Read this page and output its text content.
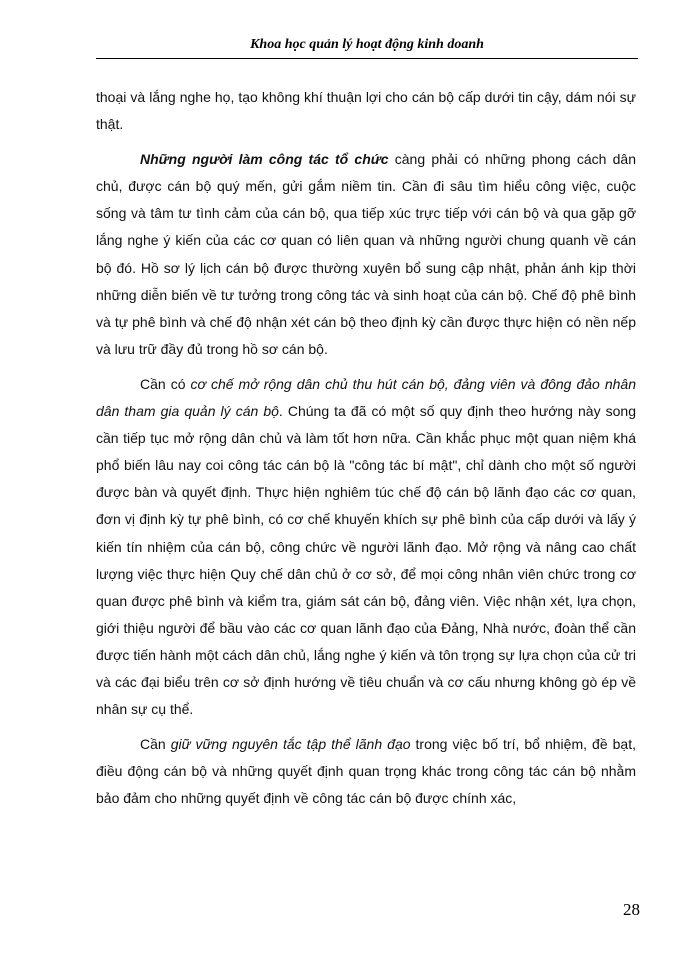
Khoa học quản lý hoạt động kinh doanh

thoại và lắng nghe họ, tạo không khí thuận lợi cho cán bộ cấp dưới tin cậy, dám nói sự thật.

Những người làm công tác tổ chức càng phải có những phong cách dân chủ, được cán bộ quý mến, gửi gắm niềm tin. Cần đi sâu tìm hiểu công việc, cuộc sống và tâm tư tình cảm của cán bộ, qua tiếp xúc trực tiếp với cán bộ và qua gặp gỡ lắng nghe ý kiến của các cơ quan có liên quan và những người chung quanh về cán bộ đó. Hồ sơ lý lịch cán bộ được thường xuyên bổ sung cập nhật, phản ánh kịp thời những diễn biến về tư tưởng trong công tác và sinh hoạt của cán bộ. Chế độ phê bình và tự phê bình và chế độ nhận xét cán bộ theo định kỳ cần được thực hiện có nền nếp và lưu trữ đầy đủ trong hồ sơ cán bộ.

Cần có cơ chế mở rộng dân chủ thu hút cán bộ, đảng viên và đông đảo nhân dân tham gia quản lý cán bộ. Chúng ta đã có một số quy định theo hướng này song cần tiếp tục mở rộng dân chủ và làm tốt hơn nữa. Cần khắc phục một quan niệm khá phổ biến lâu nay coi công tác cán bộ là "công tác bí mật", chỉ dành cho một số người được bàn và quyết định. Thực hiện nghiêm túc chế độ cán bộ lãnh đạo các cơ quan, đơn vị định kỳ tự phê bình, có cơ chế khuyến khích sự phê bình của cấp dưới và lấy ý kiến tín nhiệm của cán bộ, công chức về người lãnh đạo. Mở rộng và nâng cao chất lượng việc thực hiện Quy chế dân chủ ở cơ sở, để mọi công nhân viên chức trong cơ quan được phê bình và kiểm tra, giám sát cán bộ, đảng viên. Việc nhận xét, lựa chọn, giới thiệu người để bầu vào các cơ quan lãnh đạo của Đảng, Nhà nước, đoàn thể cần được tiến hành một cách dân chủ, lắng nghe ý kiến và tôn trọng sự lựa chọn của cử tri và các đại biểu trên cơ sở định hướng về tiêu chuẩn và cơ cấu nhưng không gò ép về nhân sự cụ thể.

Cần giữ vững nguyên tắc tập thể lãnh đạo trong việc bố trí, bổ nhiệm, đề bạt, điều động cán bộ và những quyết định quan trọng khác trong công tác cán bộ nhằm bảo đảm cho những quyết định về công tác cán bộ được chính xác,

28
